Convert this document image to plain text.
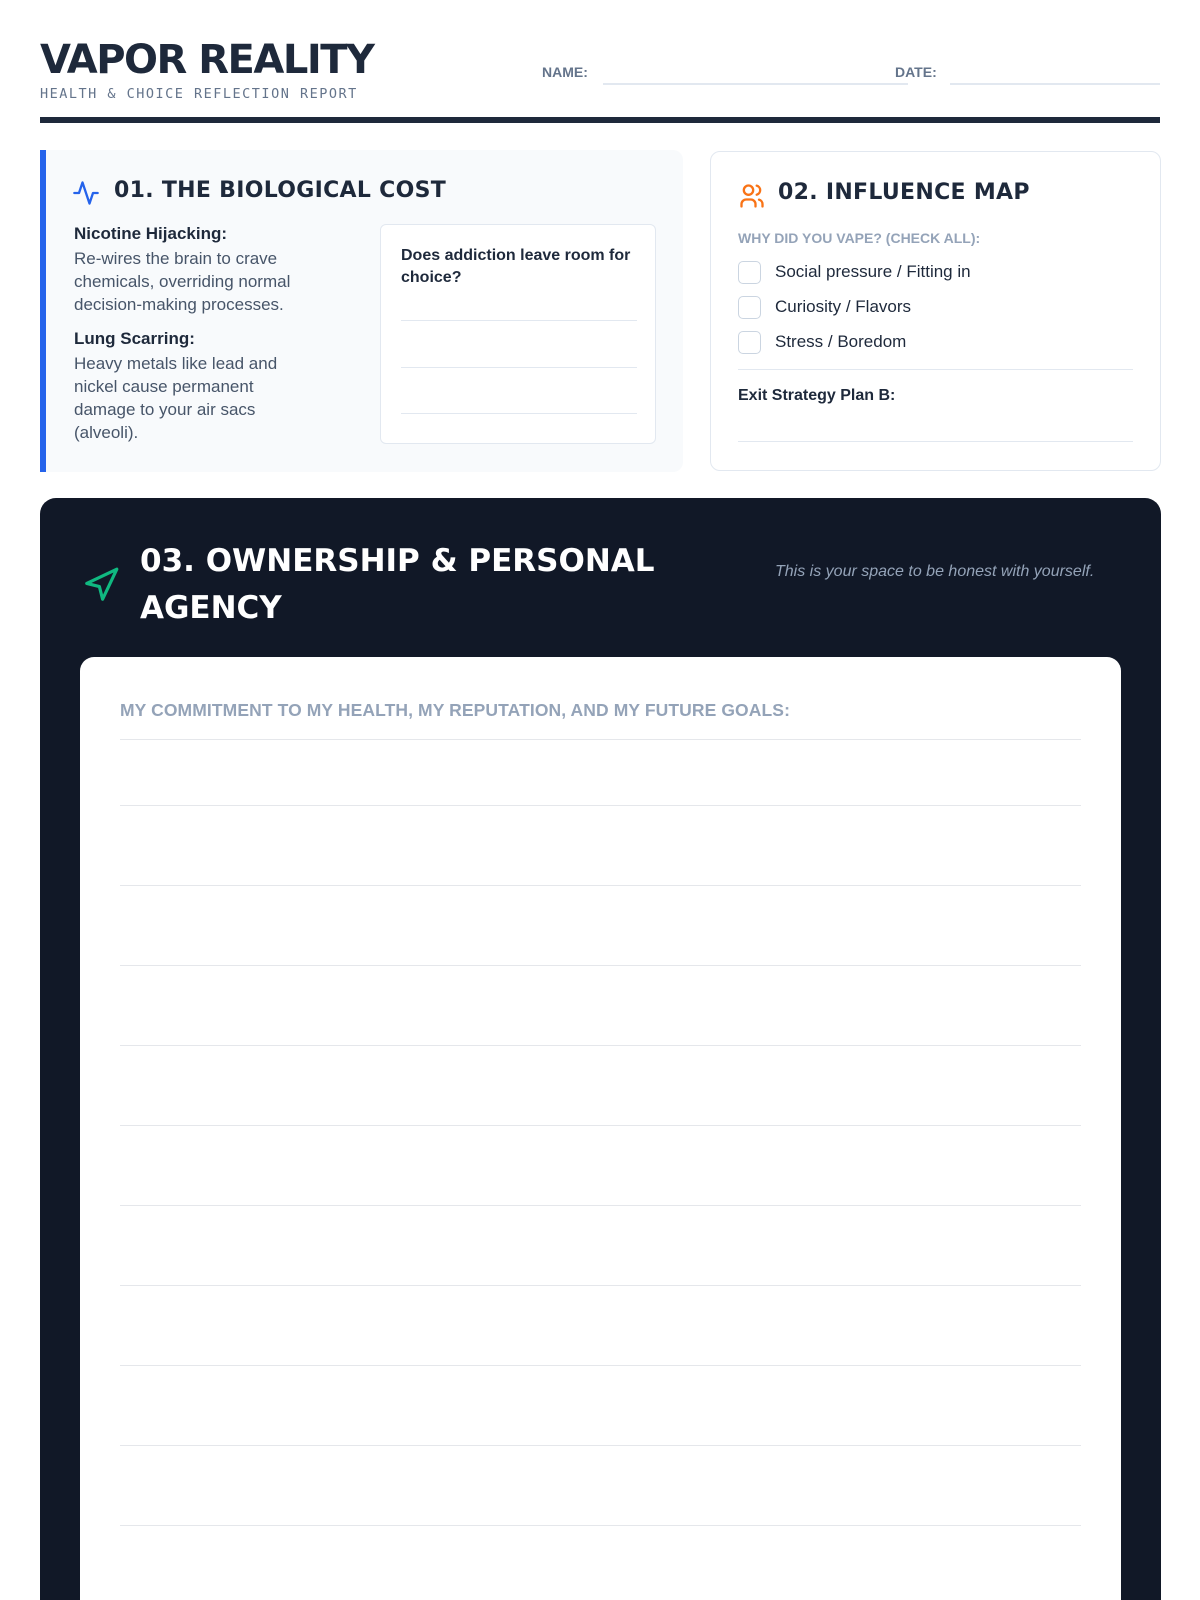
VAPOR REALITY
HEALTH & CHOICE REFLECTION REPORT
NAME:	DATE:
01. THE BIOLOGICAL COST
Nicotine Hijacking:
Re-wires the brain to crave chemicals, overriding normal decision-making processes.
Lung Scarring:
Heavy metals like lead and nickel cause permanent damage to your air sacs (alveoli).
Does addiction leave room for choice?
02. INFLUENCE MAP
WHY DID YOU VAPE? (CHECK ALL):
Social pressure / Fitting in
Curiosity / Flavors
Stress / Boredom
Exit Strategy Plan B:
03. OWNERSHIP & PERSONAL AGENCY
This is your space to be honest with yourself.
MY COMMITMENT TO MY HEALTH, MY REPUTATION, AND MY FUTURE GOALS:
